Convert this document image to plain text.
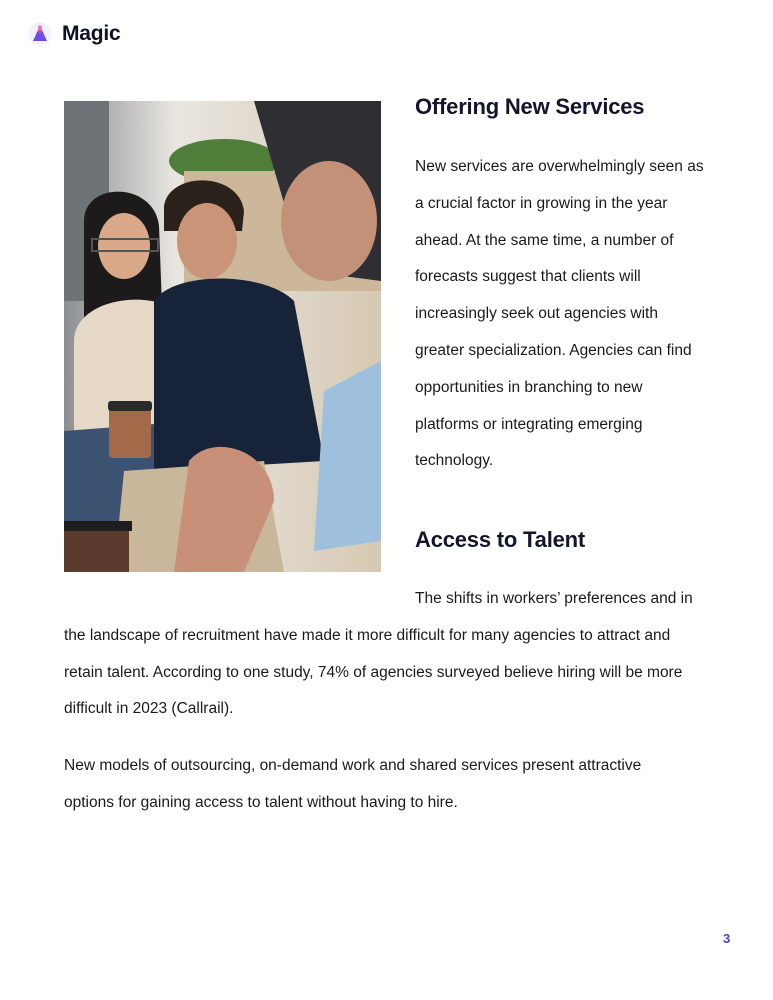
Magic
Offering New Services
New services are overwhelmingly seen as
a crucial factor in growing in the year
ahead. At the same time, a number of
forecasts suggest that clients will
increasingly seek out agencies with
greater specialization. Agencies can find
opportunities in branching to new
platforms or integrating emerging
technology.
Access to Talent
The shifts in workers’ preferences and in
the landscape of recruitment have made it more difficult for many agencies to attract and
retain talent. According to one study, 74% of agencies surveyed believe hiring will be more
difficult in 2023 (Callrail).
New models of outsourcing, on-demand work and shared services present attractive
options for gaining access to talent without having to hire.
3
